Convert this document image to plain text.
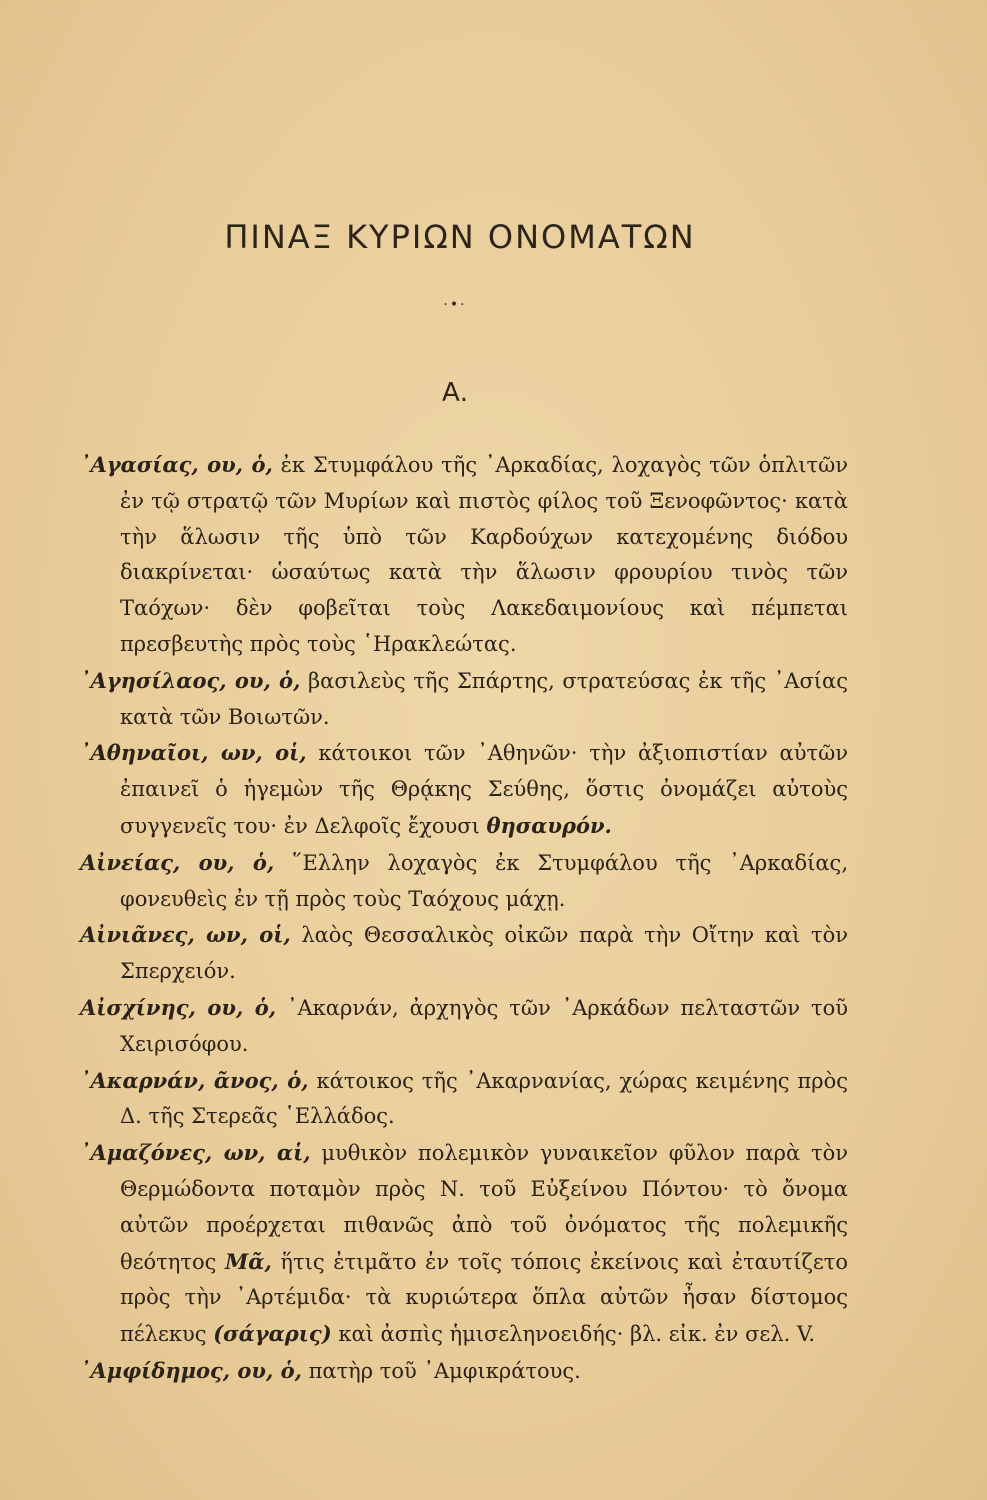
ΠΙΝΑΞ ΚΥΡΙΩΝ ΟΝΟΜΑΤΩΝ
·•·
Α.
᾿Αγασίας, ου, ὁ, ἐκ Στυμφάλου τῆς ᾿Αρκαδίας, λοχαγὸς τῶν ὁπλιτῶν ἐν τῷ στρατῷ τῶν Μυρίων καὶ πιστὸς φίλος τοῦ Ξενοφῶντος· κατὰ τὴν ἅλωσιν τῆς ὑπὸ τῶν Καρδούχων κατεχομένης διόδου διακρίνεται· ὡσαύτως κατὰ τὴν ἅλωσιν φρουρίου τινὸς τῶν Ταόχων· δὲν φοβεῖται τοὺς Λακεδαιμονίους καὶ πέμπεται πρεσβευτὴς πρὸς τοὺς ῾Ηρακλεώτας.
᾿Αγησίλαος, ου, ὁ, βασιλεὺς τῆς Σπάρτης, στρατεύσας ἐκ τῆς ᾿Ασίας κατὰ τῶν Βοιωτῶν.
᾿Αθηναῖοι, ων, οἱ, κάτοικοι τῶν ᾿Αθηνῶν· τὴν ἀξιοπιστίαν αὐτῶν ἐπαινεῖ ὁ ἡγεμὼν τῆς Θρᾴκης Σεύθης, ὅστις ὀνομάζει αὐτοὺς συγγενεῖς του· ἐν Δελφοῖς ἔχουσι θησαυρόν.
Αἰνείας, ου, ὁ, ῞Ελλην λοχαγὸς ἐκ Στυμφάλου τῆς ᾿Αρκαδίας, φονευθεὶς ἐν τῇ πρὸς τοὺς Ταόχους μάχῃ.
Αἰνιᾶνες, ων, οἱ, λαὸς Θεσσαλικὸς οἰκῶν παρὰ τὴν Οἴτην καὶ τὸν Σπερχειόν.
Αἰσχίνης, ου, ὁ, ᾿Ακαρνάν, ἀρχηγὸς τῶν ᾿Αρκάδων πελταστῶν τοῦ Χειρισόφου.
᾿Ακαρνάν, ᾶνος, ὁ, κάτοικος τῆς ᾿Ακαρνανίας, χώρας κειμένης πρὸς Δ. τῆς Στερεᾶς ῾Ελλάδος.
᾿Αμαζόνες, ων, αἱ, μυθικὸν πολεμικὸν γυναικεῖον φῦλον παρὰ τὸν Θερμώδοντα ποταμὸν πρὸς Ν. τοῦ Εὐξείνου Πόντου· τὸ ὄνομα αὐτῶν προέρχεται πιθανῶς ἀπὸ τοῦ ὀνόματος τῆς πολεμικῆς θεότητος Μᾶ, ἥτις ἐτιμᾶτο ἐν τοῖς τόποις ἐκείνοις καὶ ἐταυτίζετο πρὸς τὴν ᾿Αρτέμιδα· τὰ κυριώτερα ὅπλα αὐτῶν ἦσαν δίστομος πέλεκυς (σάγαρις) καὶ ἀσπὶς ἡμισεληνοειδής· βλ. εἰκ. ἐν σελ. V.
᾿Αμφίδημος, ου, ὁ, πατὴρ τοῦ ᾿Αμφικράτους.
